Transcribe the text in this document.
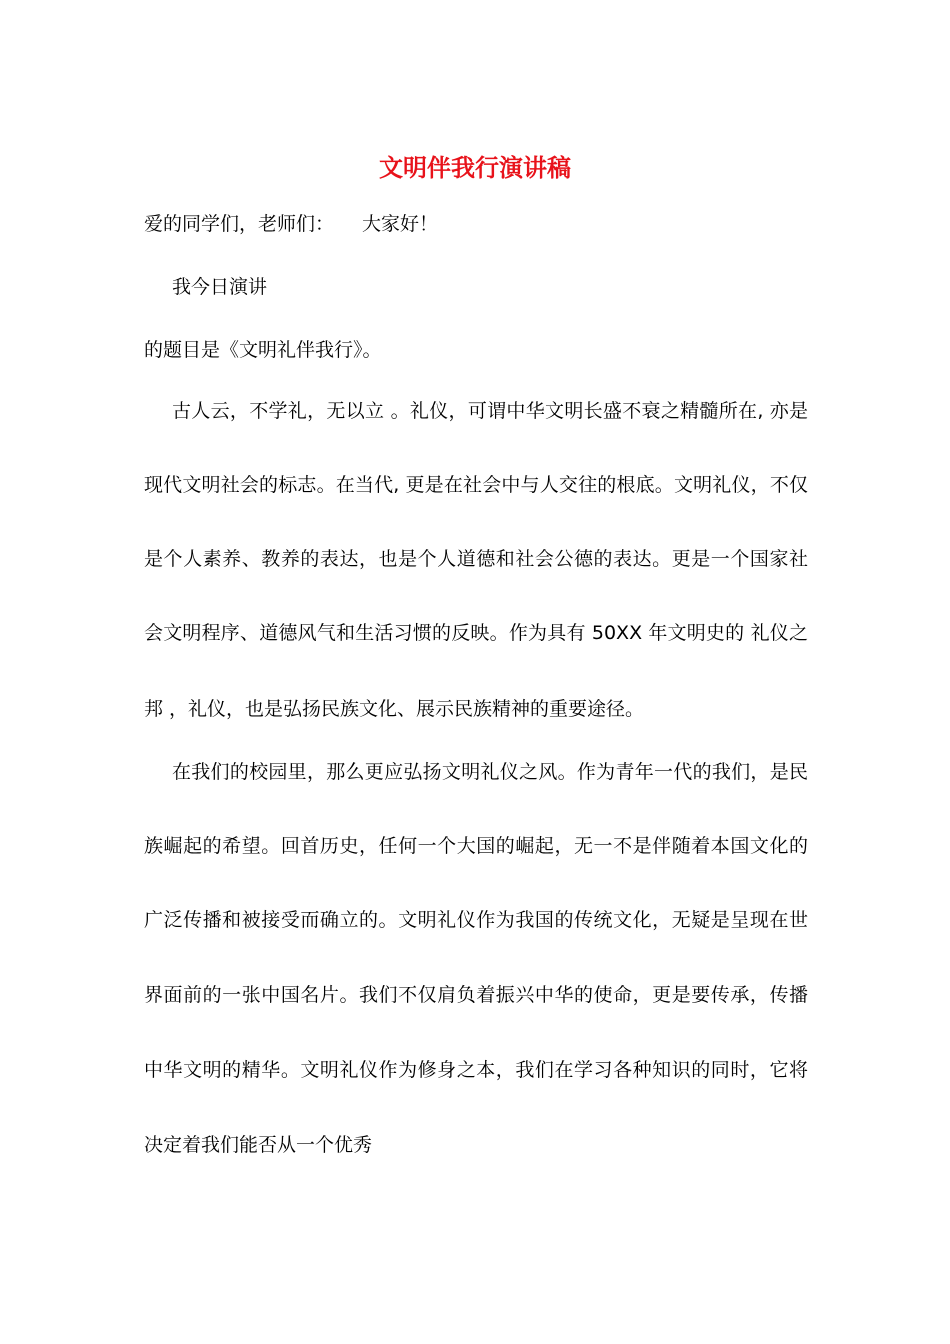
文明伴我行演讲稿

爱的同学们，老师们： 大家好！

我今日演讲

的题目是《文明礼伴我行》。

古人云，不学礼，无以立 。礼仪，可谓中华文明长盛不衰之精髓所在, 亦是

现代文明社会的标志。在当代, 更是在社会中与人交往的根底。文明礼仪，不仅

是个人素养、教养的表达，也是个人道德和社会公德的表达。更是一个国家社

会文明程序、道德风气和生活习惯的反映。作为具有 50XX 年文明史的 礼仪之

邦 ，礼仪，也是弘扬民族文化、展示民族精神的重要途径。

在我们的校园里，那么更应弘扬文明礼仪之风。作为青年一代的我们，是民

族崛起的希望。回首历史，任何一个大国的崛起，无一不是伴随着本国文化的

广泛传播和被接受而确立的。文明礼仪作为我国的传统文化，无疑是呈现在世

界面前的一张中国名片。我们不仅肩负着振兴中华的使命，更是要传承，传播

中华文明的精华。文明礼仪作为修身之本，我们在学习各种知识的同时，它将

决定着我们能否从一个优秀
